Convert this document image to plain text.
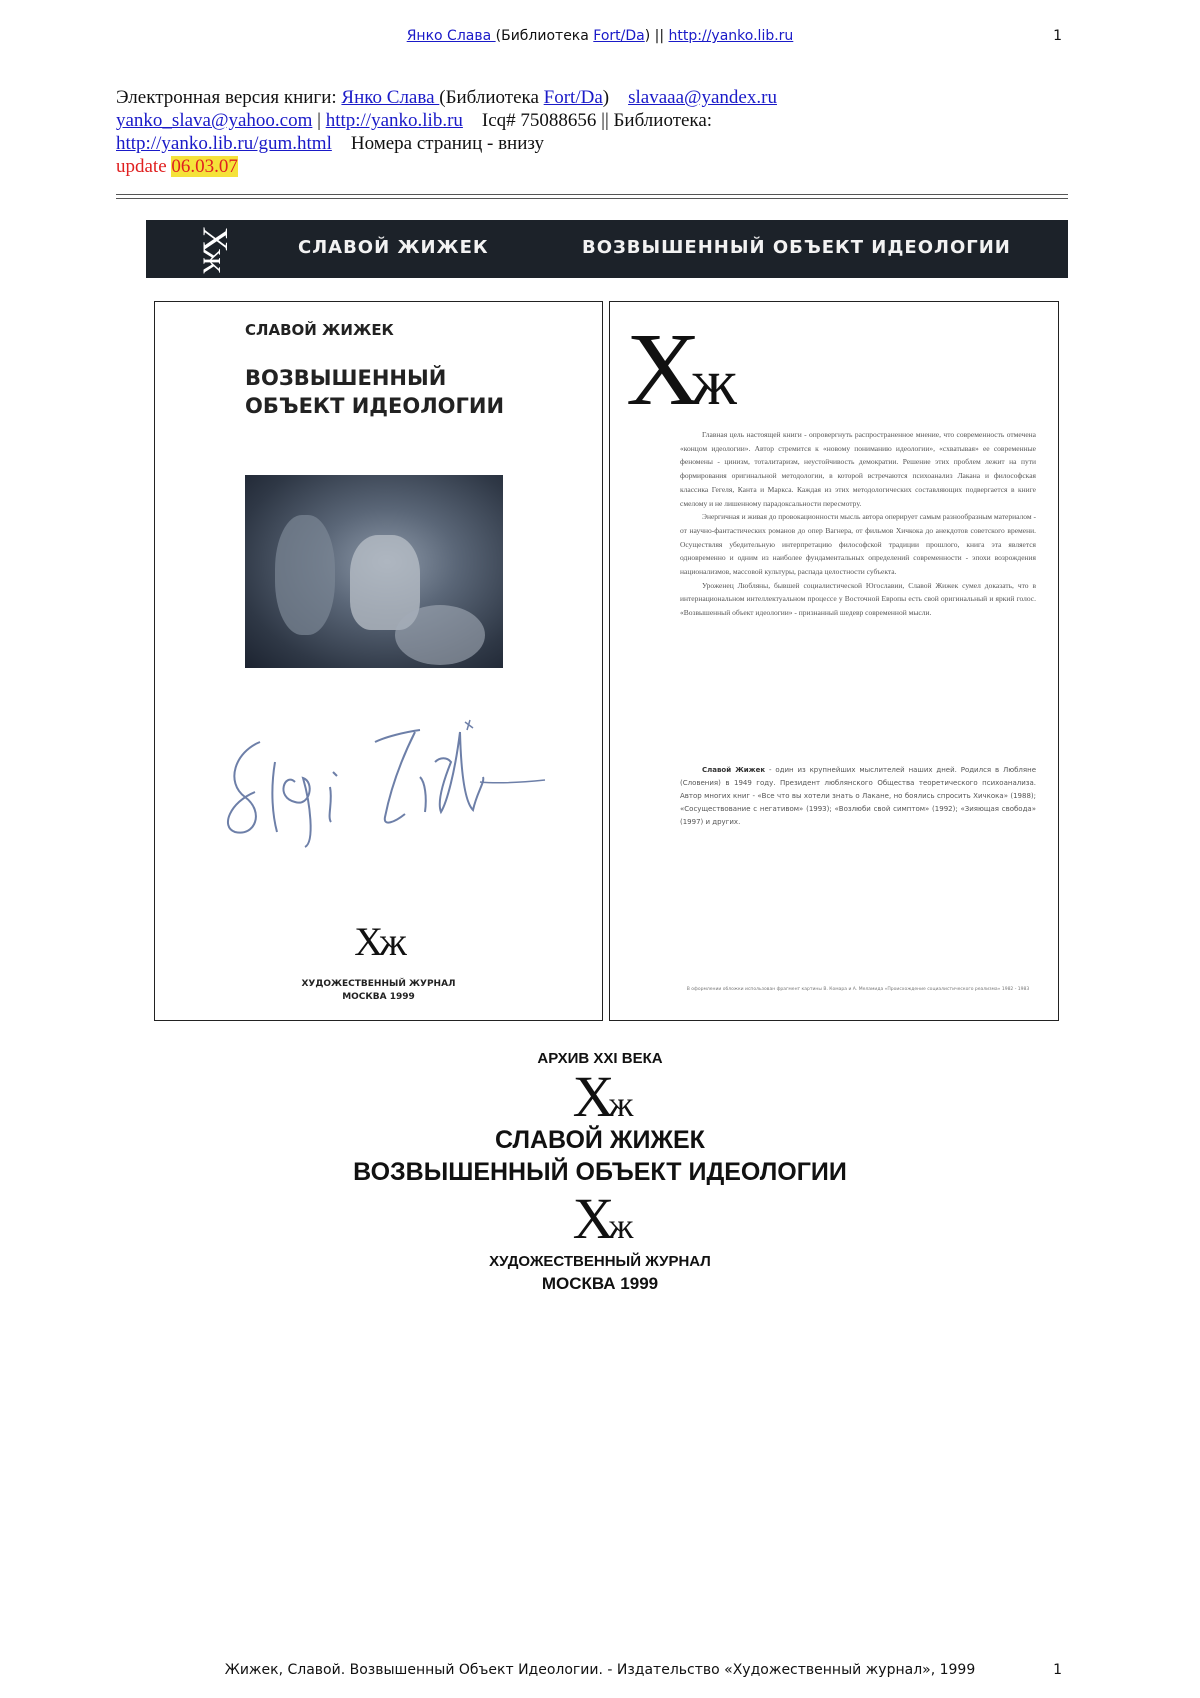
Янко Слава (Библиотека Fort/Da) || http://yanko.lib.ru	1
Электронная версия книги: Янко Слава (Библиотека Fort/Da) slavaaa@yandex.ru
yanko_slava@yahoo.com | http://yanko.lib.ru Icq# 75088656 || Библиотека:
http://yanko.lib.ru/gum.html Номера страниц - внизу
update 06.03.07
Хж	СЛАВОЙ ЖИЖЕК	ВОЗВЫШЕННЫЙ ОБЪЕКТ ИДЕОЛОГИИ
СЛАВОЙ ЖИЖЕК
ВОЗВЫШЕННЫЙ ОБЪЕКТ ИДЕОЛОГИИ
Хж
ХУДОЖЕСТВЕННЫЙ ЖУРНАЛ
МОСКВА 1999
Хж
Главная цель настоящей книги - опровергнуть распространенное мнение, что современность отмечена «концом идеологии». Автор стремится к «новому пониманию идеологии», «схватывая» ее современные феномены - цинизм, тоталитаризм, неустойчивость демократии. Решение этих проблем лежит на пути формирования оригинальной методологии, в которой встречаются психоанализ Лакана и философская классика Гегеля, Канта и Маркса. Каждая из этих методологических составляющих подвергается в книге смелому и не лишенному парадоксальности пересмотру.
Энергичная и живая до провокационности мысль автора оперирует самым разнообразным материалом - от научно-фантастических романов до опер Вагнера, от фильмов Хичкока до анекдотов советского времени. Осуществляя убедительную интерпретацию философской традиции прошлого, книга эта является одновременно и одним из наиболее фундаментальных определений современности - эпохи возрождения национализмов, массовой культуры, распада целостности субъекта.
Уроженец Любляны, бывшей социалистической Югославии, Славой Жижек сумел доказать, что в интернациональном интеллектуальном процессе у Восточной Европы есть свой оригинальный и яркий голос. «Возвышенный объект идеологии» - признанный шедевр современной мысли.
Славой Жижек - один из крупнейших мыслителей наших дней. Родился в Любляне (Словения) в 1949 году. Президент люблянского Общества теоретического психоанализа. Автор многих книг - «Все что вы хотели знать о Лакане, но боялись спросить Хичкока» (1988); «Сосуществование с негативом» (1993); «Возлюби свой симптом» (1992); «Зияющая свобода» (1997) и других.
В оформлении обложки использован фрагмент картины В. Комара и А. Меламида «Происхождение социалистического реализма» 1982 - 1983
АРХИВ XXI ВЕКА
Хж
СЛАВОЙ ЖИЖЕК
ВОЗВЫШЕННЫЙ ОБЪЕКТ ИДЕОЛОГИИ
Хж
ХУДОЖЕСТВЕННЫЙ ЖУРНАЛ
МОСКВА 1999
Жижек, Славой. Возвышенный Объект Идеологии. - Издательство «Художественный журнал», 1999	1
